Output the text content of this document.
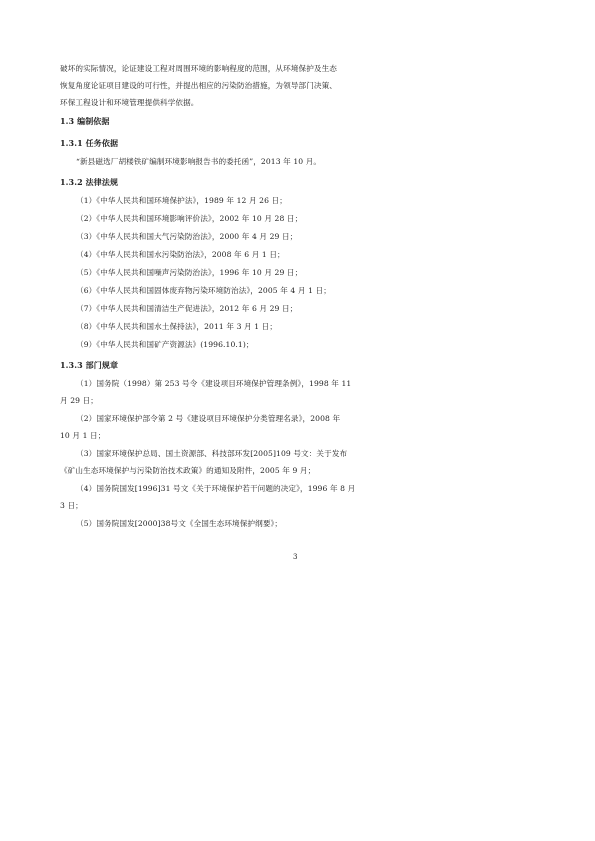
破坏的实际情况，论证建设工程对周围环境的影响程度的范围，从环境保护及生态
恢复角度论证项目建设的可行性，并提出相应的污染防治措施，为领导部门决策、
环保工程设计和环境管理提供科学依据。
1.3 编制依据
1.3.1 任务依据
“新县磁选厂胡楼铁矿编制环境影响报告书的委托函”，2013 年 10 月。
1.3.2 法律法规
（1）《中华人民共和国环境保护法》，1989 年 12 月 26 日；
（2）《中华人民共和国环境影响评价法》，2002 年 10 月 28 日；
（3）《中华人民共和国大气污染防治法》，2000 年 4 月 29 日；
（4）《中华人民共和国水污染防治法》，2008 年 6 月 1 日；
（5）《中华人民共和国噪声污染防治法》，1996 年 10 月 29 日；
（6）《中华人民共和国固体废弃物污染环境防治法》，2005 年 4 月 1 日；
（7）《中华人民共和国清洁生产促进法》，2012 年 6 月 29 日；
（8）《中华人民共和国水土保持法》，2011 年 3 月 1 日；
（9）《中华人民共和国矿产资源法》(1996.10.1)；
1.3.3 部门规章
（1）国务院（1998）第 253 号令《建设项目环境保护管理条例》，1998 年 11
月 29 日；
（2）国家环境保护部令第 2 号《建设项目环境保护分类管理名录》，2008 年
10 月 1 日；
（3）国家环境保护总局、国土资源部、科技部环发[2005]109 号文：关于发布
《矿山生态环境保护与污染防治技术政策》的通知及附件，2005 年 9 月；
（4）国务院国发[1996]31 号文《关于环境保护若干问题的决定》，1996 年 8 月
3 日；
（5）国务院国发[2000]38号文《全国生态环境保护纲要》；
3
